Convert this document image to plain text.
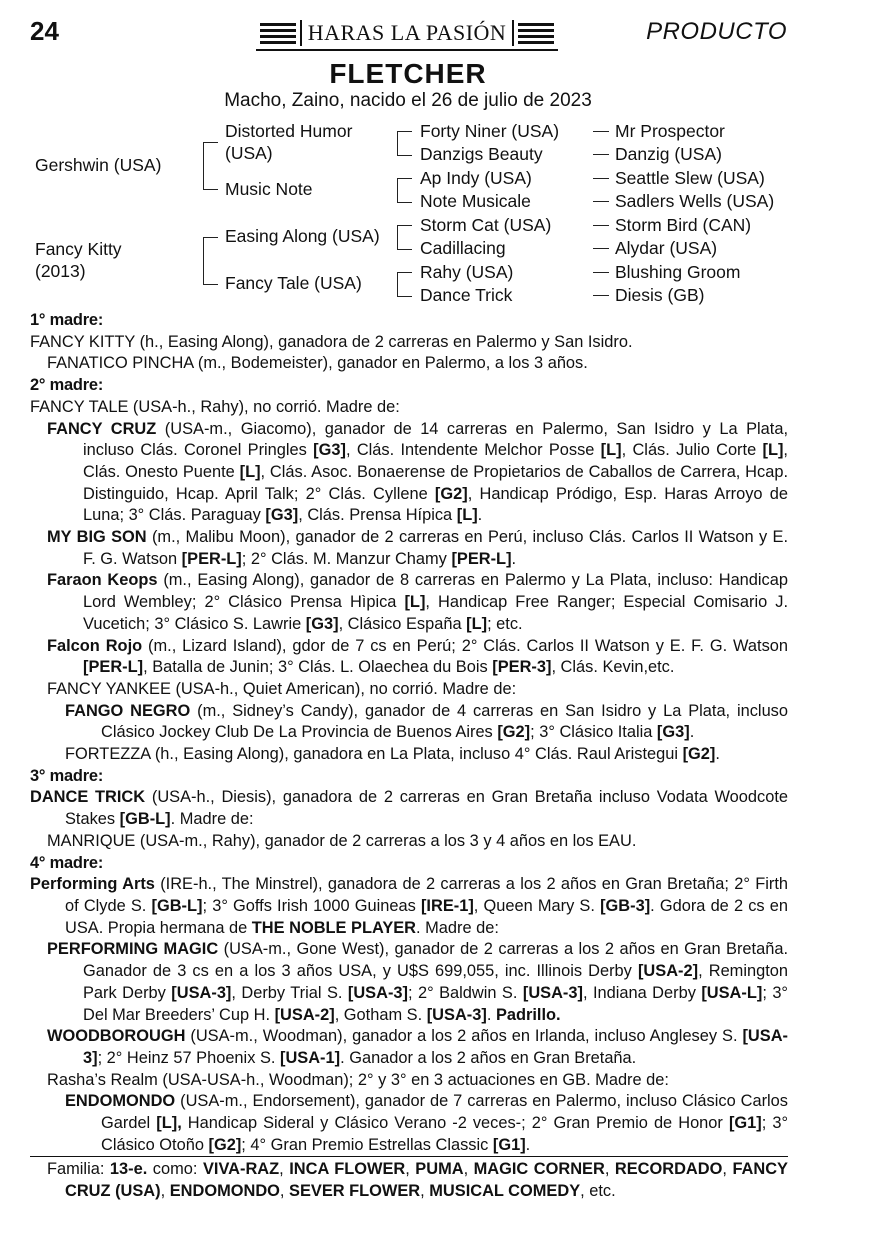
24	HARAS LA PASIÓN	PRODUCTO
FLETCHER
Macho, Zaino, nacido el 26 de julio de 2023
Gershwin (USA)
Fancy Kitty
(2013)
Distorted Humor
(USA)
Music Note
Easing Along (USA)
Fancy Tale (USA)
Forty Niner (USA)
Danzigs Beauty
Ap Indy (USA)
Note Musicale
Storm Cat (USA)
Cadillacing
Rahy (USA)
Dance Trick
Mr Prospector
Danzig (USA)
Seattle Slew (USA)
Sadlers Wells (USA)
Storm Bird (CAN)
Alydar (USA)
Blushing Groom
Diesis (GB)

1° madre:

FANCY KITTY (h., Easing Along), ganadora de 2 carreras en Palermo y San Isidro.

FANATICO PINCHA (m., Bodemeister), ganador en Palermo, a los 3 años.

2° madre:

FANCY TALE (USA-h., Rahy), no corrió. Madre de:

FANCY CRUZ (USA-m., Giacomo), ganador de 14 carreras en Palermo, San Isidro y La Plata, incluso Clás. Coronel Pringles [G3], Clás. Intendente Melchor Posse [L], Clás. Julio Corte [L], Clás. Onesto Puente [L], Clás. Asoc. Bonaerense de Propietarios de Caballos de Carrera, Hcap. Distinguido, Hcap. April Talk; 2° Clás. Cyllene [G2], Handicap Pródigo, Esp. Haras Arroyo de Luna; 3° Clás. Paraguay [G3], Clás. Prensa Hípica [L].

MY BIG SON (m., Malibu Moon), ganador de 2 carreras en Perú, incluso Clás. Carlos II Watson y E. F. G. Watson [PER-L]; 2° Clás. M. Manzur Chamy [PER-L].

Faraon Keops (m., Easing Along), ganador de 8 carreras en Palermo y La Plata, incluso: Handicap Lord Wembley; 2° Clásico Prensa Hìpica [L], Handicap Free Ranger; Especial Comisario J. Vucetich; 3° Clásico S. Lawrie [G3], Clásico España [L]; etc.

Falcon Rojo (m., Lizard Island), gdor de 7 cs en Perú; 2° Clás. Carlos II Watson y E. F. G. Watson [PER-L], Batalla de Junin; 3° Clás. L. Olaechea du Bois [PER-3], Clás. Kevin,etc.

FANCY YANKEE (USA-h., Quiet American), no corrió. Madre de:

FANGO NEGRO (m., Sidney’s Candy), ganador de 4 carreras en San Isidro y La Plata, incluso Clásico Jockey Club De La Provincia de Buenos Aires [G2]; 3° Clásico Italia [G3].

FORTEZZA (h., Easing Along), ganadora en La Plata, incluso 4° Clás. Raul Aristegui [G2].

3° madre:

DANCE TRICK (USA-h., Diesis), ganadora de 2 carreras en Gran Bretaña incluso Vodata Woodcote Stakes [GB-L]. Madre de:

MANRIQUE (USA-m., Rahy), ganador de 2 carreras a los 3 y 4 años en los EAU.

4° madre:

Performing Arts (IRE-h., The Minstrel), ganadora de 2 carreras a los 2 años en Gran Bretaña; 2° Firth of Clyde S. [GB-L]; 3° Goffs Irish 1000 Guineas [IRE-1], Queen Mary S. [GB-3]. Gdora de 2 cs en USA. Propia hermana de THE NOBLE PLAYER. Madre de:

PERFORMING MAGIC (USA-m., Gone West), ganador de 2 carreras a los 2 años en Gran Bretaña. Ganador de 3 cs en a los 3 años USA, y U$S 699,055, inc. Illinois Derby [USA-2], Remington Park Derby [USA-3], Derby Trial S. [USA-3]; 2° Baldwin S. [USA-3], Indiana Derby [USA-L]; 3° Del Mar Breeders’ Cup H. [USA-2], Gotham S. [USA-3]. Padrillo.

WOODBOROUGH (USA-m., Woodman), ganador a los 2 años en Irlanda, incluso Anglesey S. [USA-3]; 2° Heinz 57 Phoenix S. [USA-1]. Ganador a los 2 años en Gran Bretaña.

Rasha’s Realm (USA-USA-h., Woodman); 2° y 3° en 3 actuaciones en GB. Madre de:

ENDOMONDO (USA-m., Endorsement), ganador de 7 carreras en Palermo, incluso Clásico Carlos Gardel [L], Handicap Sideral y Clásico Verano -2 veces-; 2° Gran Premio de Honor [G1]; 3° Clásico Otoño [G2]; 4° Gran Premio Estrellas Classic [G1].

Familia: 13-e. como: VIVA-RAZ, INCA FLOWER, PUMA, MAGIC CORNER, RECORDADO, FANCY CRUZ (USA), ENDOMONDO, SEVER FLOWER, MUSICAL COMEDY, etc.
